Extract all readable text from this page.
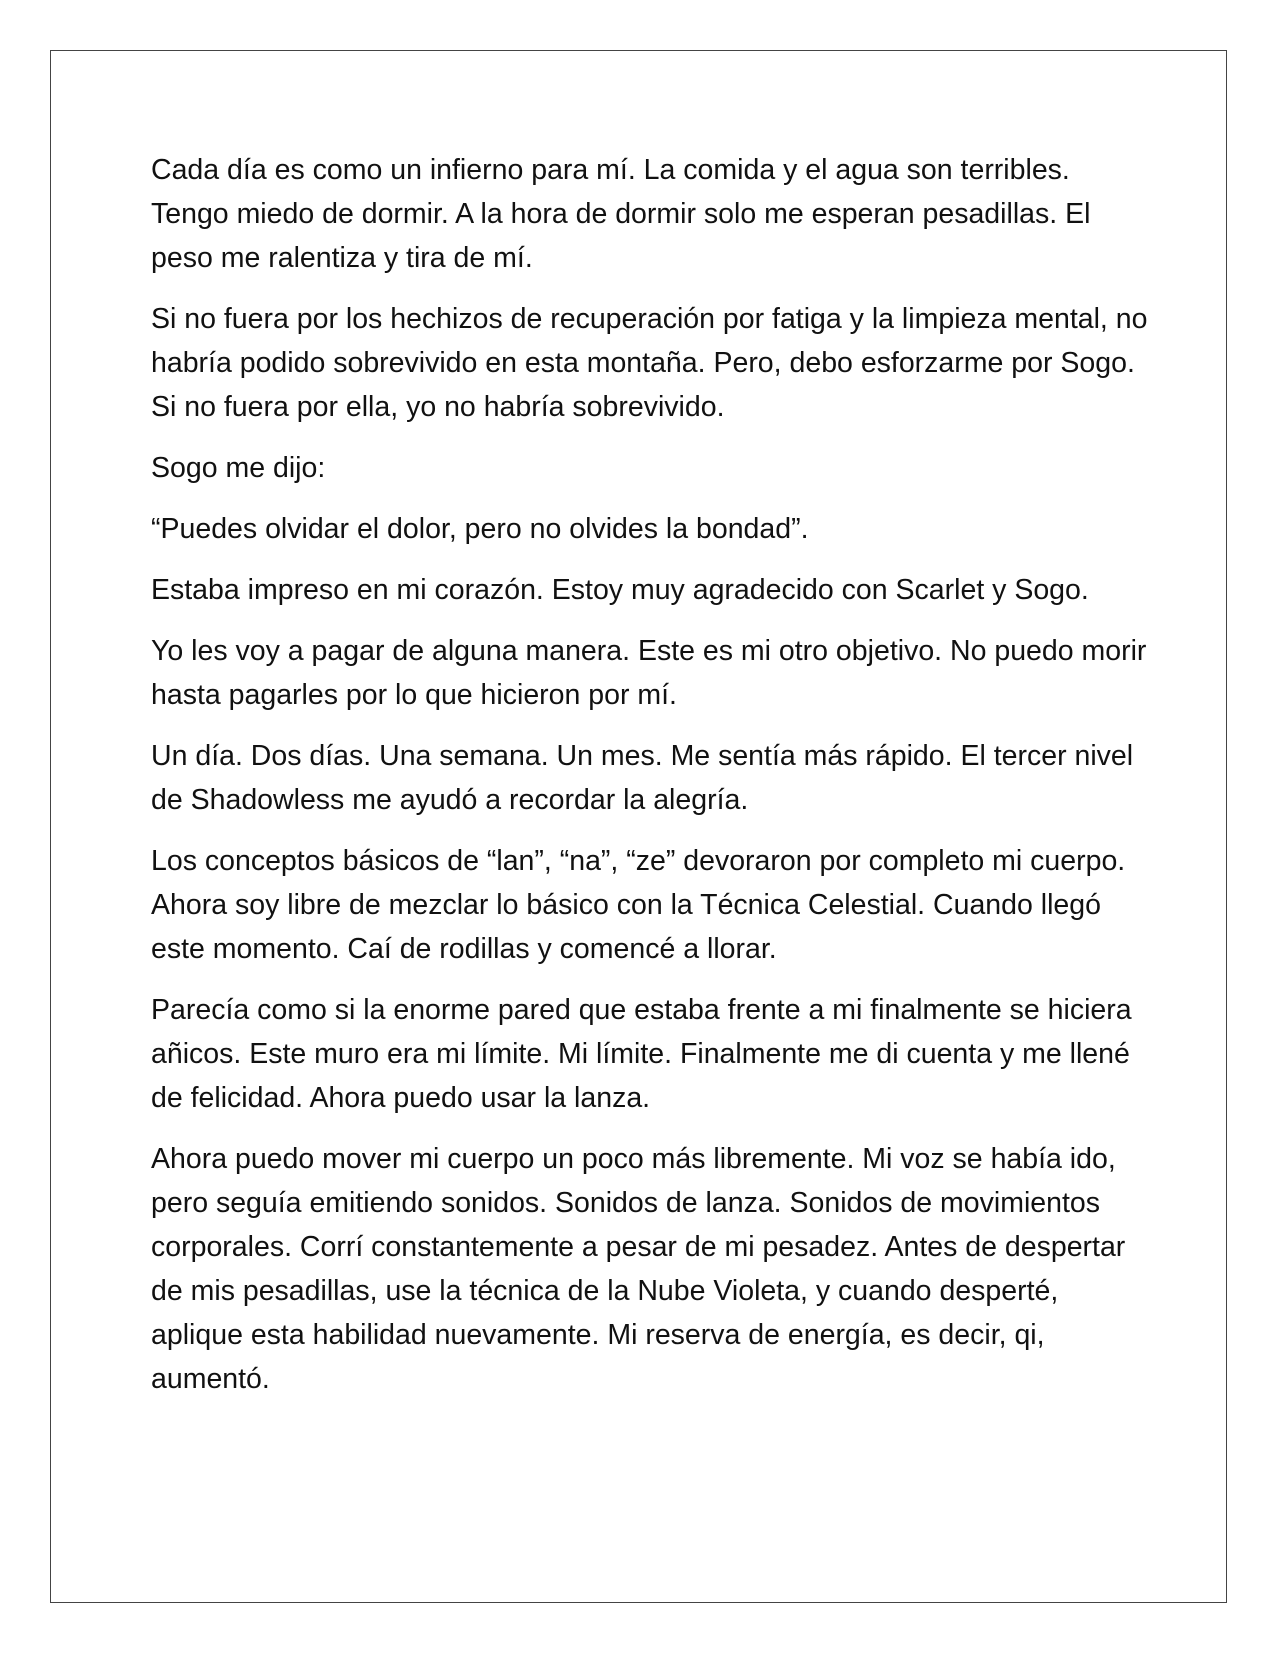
Cada día es como un infierno para mí. La comida y el agua son terribles. Tengo miedo de dormir. A la hora de dormir solo me esperan pesadillas. El peso me ralentiza y tira de mí.

Si no fuera por los hechizos de recuperación por fatiga y la limpieza mental, no habría podido sobrevivido en esta montaña. Pero, debo esforzarme por Sogo. Si no fuera por ella, yo no habría sobrevivido.

Sogo me dijo:

“Puedes olvidar el dolor, pero no olvides la bondad”.

Estaba impreso en mi corazón. Estoy muy agradecido con Scarlet y Sogo.

Yo les voy a pagar de alguna manera. Este es mi otro objetivo. No puedo morir hasta pagarles por lo que hicieron por mí.

Un día. Dos días. Una semana. Un mes. Me sentía más rápido. El tercer nivel de Shadowless me ayudó a recordar la alegría.

Los conceptos básicos de “lan”, “na”, “ze” devoraron por completo mi cuerpo. Ahora soy libre de mezclar lo básico con la Técnica Celestial. Cuando llegó este momento. Caí de rodillas y comencé a llorar.

Parecía como si la enorme pared que estaba frente a mi finalmente se hiciera añicos. Este muro era mi límite. Mi límite. Finalmente me di cuenta y me llené de felicidad. Ahora puedo usar la lanza.

Ahora puedo mover mi cuerpo un poco más libremente. Mi voz se había ido, pero seguía emitiendo sonidos. Sonidos de lanza. Sonidos de movimientos corporales. Corrí constantemente a pesar de mi pesadez. Antes de despertar de mis pesadillas, use la técnica de la Nube Violeta, y cuando desperté, aplique esta habilidad nuevamente. Mi reserva de energía, es decir, qi, aumentó.
